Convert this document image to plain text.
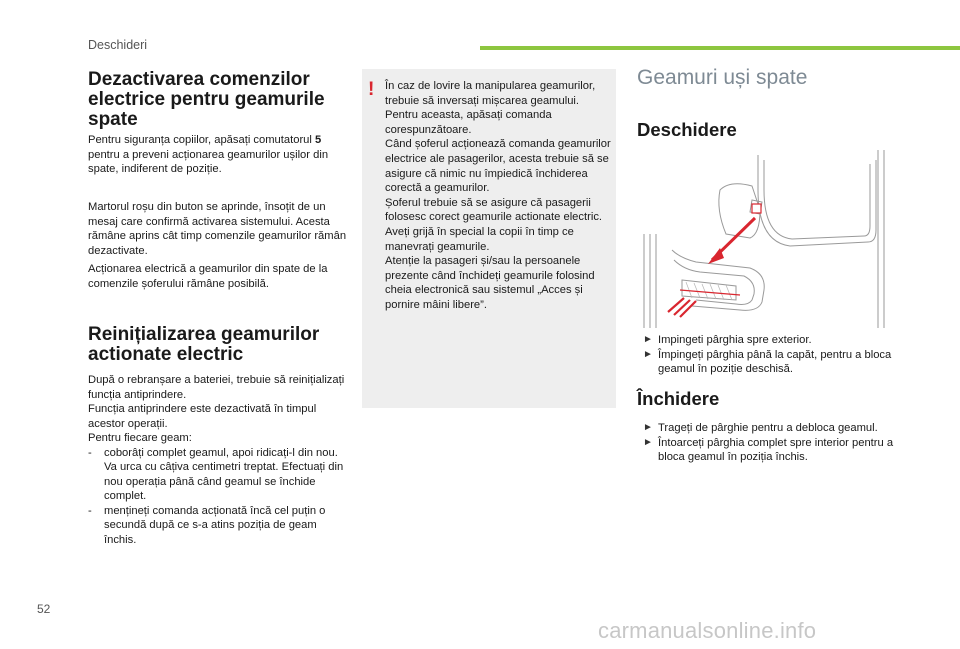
Deschideri
Dezactivarea comenzilor electrice pentru geamurile spate

Pentru siguranța copiilor, apăsați comutatorul 5 pentru a preveni acționarea geamurilor ușilor din spate, indiferent de poziție.

Martorul roșu din buton se aprinde, însoțit de un mesaj care confirmă activarea sistemului. Acesta rămâne aprins cât timp comenzile geamurilor rămân dezactivate.

Acționarea electrică a geamurilor din spate de la comenzile șoferului rămâne posibilă.

Reinițializarea geamurilor actionate electric
După o rebranșare a bateriei, trebuie să reinițializați funcția antiprindere.
Funcția antiprindere este dezactivată în timpul acestor operații.
Pentru fiecare geam:
- coborâți complet geamul, apoi ridicați-l din nou. Va urca cu câțiva centimetri treptat. Efectuați din nou operația până când geamul se închide complet.
- mențineți comanda acționată încă cel puțin o secundă după ce s-a atins poziția de geam închis.
! În caz de lovire la manipularea geamurilor, trebuie să inversați mișcarea geamului. Pentru aceasta, apăsați comanda corespunzătoare.
Când șoferul acționează comanda geamurilor electrice ale pasagerilor, acesta trebuie să se asigure că nimic nu împiedică închiderea corectă a geamurilor.
Șoferul trebuie să se asigure că pasagerii folosesc corect geamurile actionate electric.
Aveți grijă în special la copii în timp ce manevrați geamurile.
Atenție la pasageri și/sau la persoanele prezente când închideți geamurile folosind cheia electronică sau sistemul „Acces și pornire mâini libere”.
Geamuri uși spate
Deschidere
► Impingeti pârghia spre exterior.
► Împingeți pârghia până la capăt, pentru a bloca geamul în poziție deschisă.
Închidere
► Trageți de pârghie pentru a debloca geamul.
► Întoarceți pârghia complet spre interior pentru a bloca geamul în poziția închis.
52
carmanualsonline.info
